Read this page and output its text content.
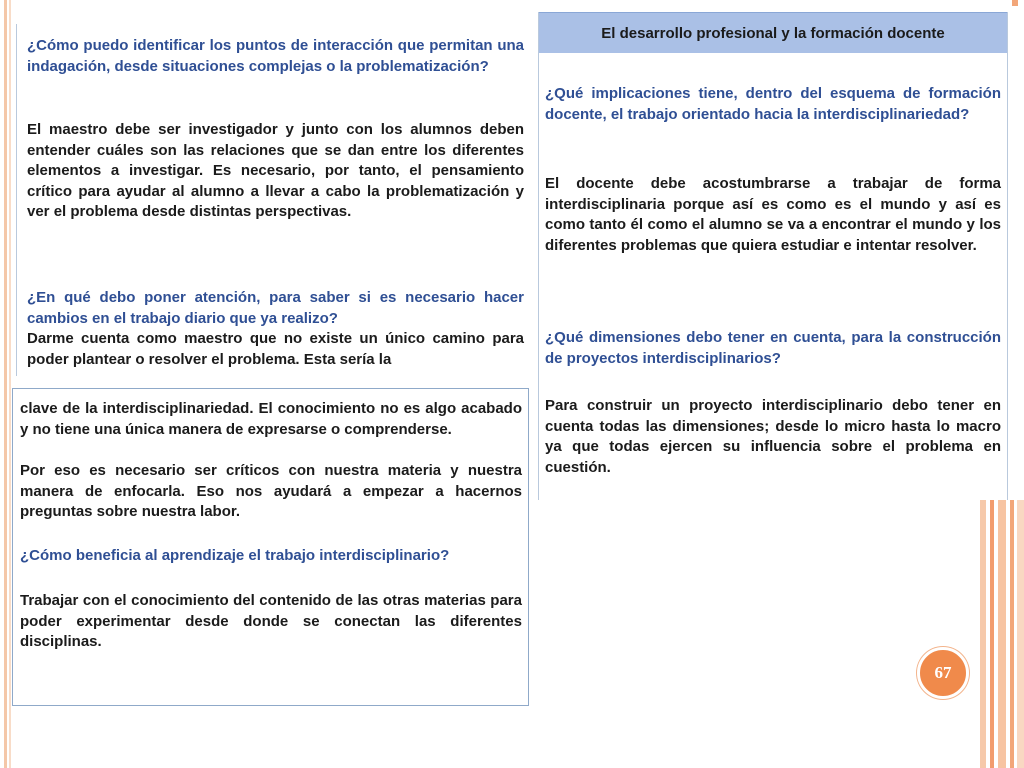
¿Cómo puedo identificar los puntos de interacción que permitan una indagación, desde situaciones complejas o la problematización?

El maestro debe ser investigador y junto con los alumnos deben entender cuáles son las relaciones que se dan entre los diferentes elementos a investigar. Es necesario, por tanto, el pensamiento crítico para ayudar al alumno a llevar a cabo la problematización y ver el problema desde distintas perspectivas.

¿En qué debo poner atención, para saber si es necesario hacer cambios en el trabajo diario que ya realizo?

Darme cuenta como maestro que no existe un único camino para poder plantear o resolver el problema. Esta sería la

clave de la interdisciplinariedad. El conocimiento no es algo acabado y no tiene una única manera de expresarse o comprenderse.

Por eso es necesario ser críticos con nuestra materia y nuestra manera de enfocarla. Eso nos ayudará a empezar a hacernos preguntas sobre nuestra labor.

¿Cómo beneficia al aprendizaje el trabajo interdisciplinario?

Trabajar con el conocimiento del contenido de las otras materias para poder experimentar desde donde se conectan las diferentes disciplinas.

El desarrollo profesional y la formación docente

¿Qué implicaciones tiene, dentro del esquema de formación docente, el trabajo orientado hacia la interdisciplinariedad?

El docente debe acostumbrarse a trabajar de forma interdisciplinaria porque así es como es el mundo y así es como tanto él como el alumno se va a encontrar el mundo y los diferentes problemas que quiera estudiar e intentar resolver.

¿Qué dimensiones debo tener en cuenta, para la construcción de proyectos interdisciplinarios?

Para construir un proyecto interdisciplinario debo tener en cuenta todas las dimensiones; desde lo micro hasta lo macro ya que todas ejercen su influencia sobre el problema en cuestión.

67
